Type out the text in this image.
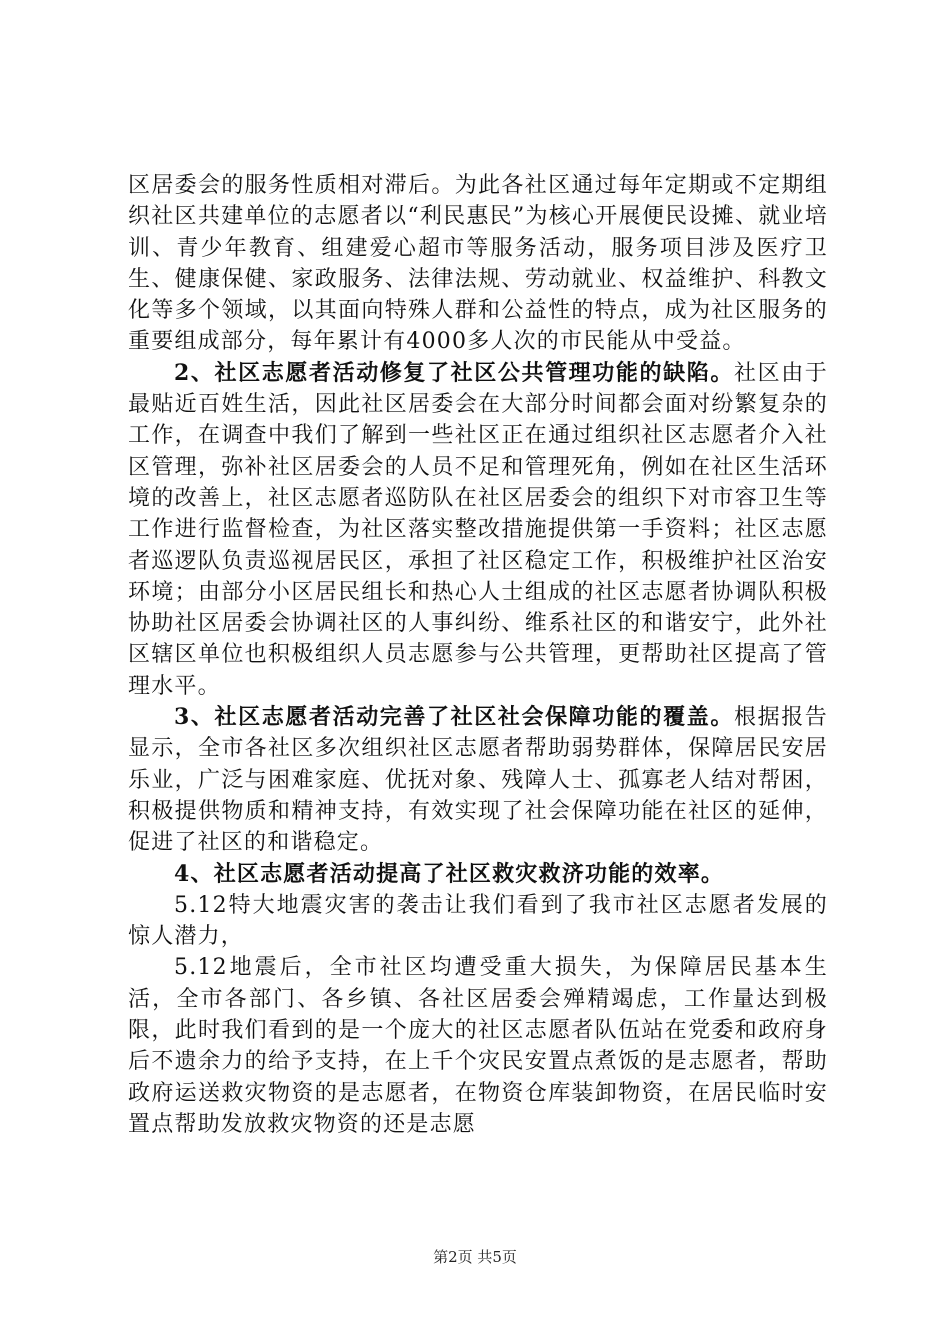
区居委会的服务性质相对滞后。为此各社区通过每年定期或不定期组织社区共建单位的志愿者以“利民惠民”为核心开展便民设摊、就业培训、青少年教育、组建爱心超市等服务活动，服务项目涉及医疗卫生、健康保健、家政服务、法律法规、劳动就业、权益维护、科教文化等多个领域，以其面向特殊人群和公益性的特点，成为社区服务的重要组成部分，每年累计有4000多人次的市民能从中受益。

2、社区志愿者活动修复了社区公共管理功能的缺陷。社区由于最贴近百姓生活，因此社区居委会在大部分时间都会面对纷繁复杂的工作，在调查中我们了解到一些社区正在通过组织社区志愿者介入社区管理，弥补社区居委会的人员不足和管理死角，例如在社区生活环境的改善上，社区志愿者巡防队在社区居委会的组织下对市容卫生等工作进行监督检查，为社区落实整改措施提供第一手资料；社区志愿者巡逻队负责巡视居民区，承担了社区稳定工作，积极维护社区治安环境；由部分小区居民组长和热心人士组成的社区志愿者协调队积极协助社区居委会协调社区的人事纠纷、维系社区的和谐安宁，此外社区辖区单位也积极组织人员志愿参与公共管理，更帮助社区提高了管理水平。

3、社区志愿者活动完善了社区社会保障功能的覆盖。根据报告显示，全市各社区多次组织社区志愿者帮助弱势群体，保障居民安居乐业，广泛与困难家庭、优抚对象、残障人士、孤寡老人结对帮困，积极提供物质和精神支持，有效实现了社会保障功能在社区的延伸，促进了社区的和谐稳定。

4、社区志愿者活动提高了社区救灾救济功能的效率。

5.12特大地震灾害的袭击让我们看到了我市社区志愿者发展的惊人潜力，

5.12地震后，全市社区均遭受重大损失，为保障居民基本生活，全市各部门、各乡镇、各社区居委会殚精竭虑，工作量达到极限，此时我们看到的是一个庞大的社区志愿者队伍站在党委和政府身后不遗余力的给予支持，在上千个灾民安置点煮饭的是志愿者，帮助政府运送救灾物资的是志愿者，在物资仓库装卸物资，在居民临时安置点帮助发放救灾物资的还是志愿

第2页 共5页
